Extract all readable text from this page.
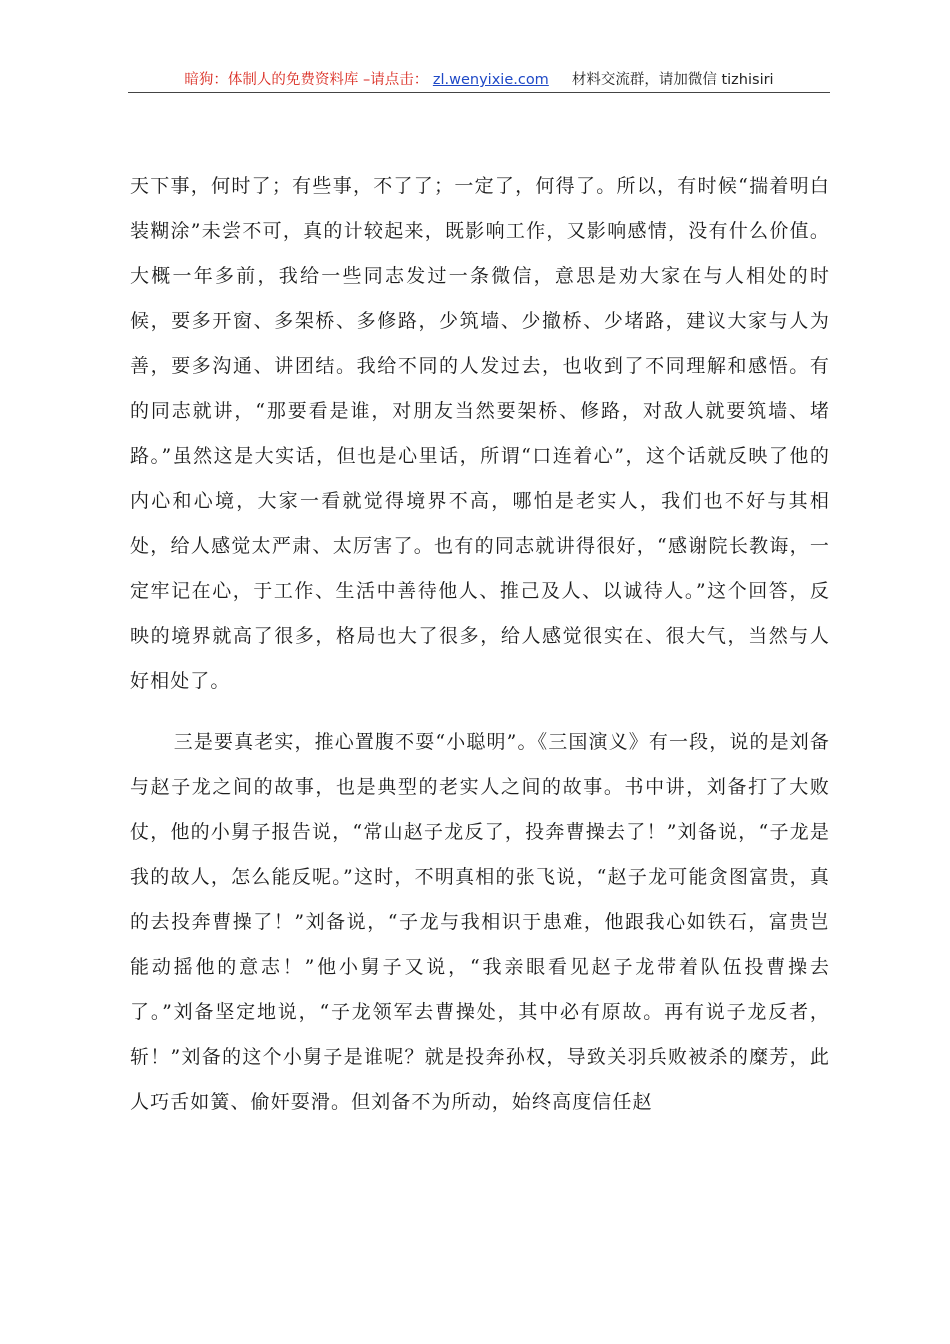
暗狗：体制人的免费资料库 –请点击： zl.wenyixie.com 材料交流群，请加微信 tizhisiri

天下事，何时了；有些事，不了了；一定了，何得了。所以，有时候“揣着明白装糊涂”未尝不可，真的计较起来，既影响工作，又影响感情，没有什么价值。大概一年多前，我给一些同志发过一条微信，意思是劝大家在与人相处的时候，要多开窗、多架桥、多修路，少筑墙、少撤桥、少堵路，建议大家与人为善，要多沟通、讲团结。我给不同的人发过去，也收到了不同理解和感悟。有的同志就讲，“那要看是谁，对朋友当然要架桥、修路，对敌人就要筑墙、堵路。”虽然这是大实话，但也是心里话，所谓“口连着心”，这个话就反映了他的内心和心境，大家一看就觉得境界不高，哪怕是老实人，我们也不好与其相处，给人感觉太严肃、太厉害了。也有的同志就讲得很好，“感谢院长教诲，一定牢记在心，于工作、生活中善待他人、推己及人、以诚待人。”这个回答，反映的境界就高了很多，格局也大了很多，给人感觉很实在、很大气，当然与人好相处了。

三是要真老实，推心置腹不耍“小聪明”。《三国演义》有一段，说的是刘备与赵子龙之间的故事，也是典型的老实人之间的故事。书中讲，刘备打了大败仗，他的小舅子报告说，“常山赵子龙反了，投奔曹操去了！”刘备说，“子龙是我的故人，怎么能反呢。”这时，不明真相的张飞说，“赵子龙可能贪图富贵，真的去投奔曹操了！”刘备说，“子龙与我相识于患难，他跟我心如铁石，富贵岂能动摇他的意志！”他小舅子又说，“我亲眼看见赵子龙带着队伍投曹操去了。”刘备坚定地说，“子龙领军去曹操处，其中必有原故。再有说子龙反者，斩！”刘备的这个小舅子是谁呢？就是投奔孙权，导致关羽兵败被杀的糜芳，此人巧舌如簧、偷奸耍滑。但刘备不为所动，始终高度信任赵
